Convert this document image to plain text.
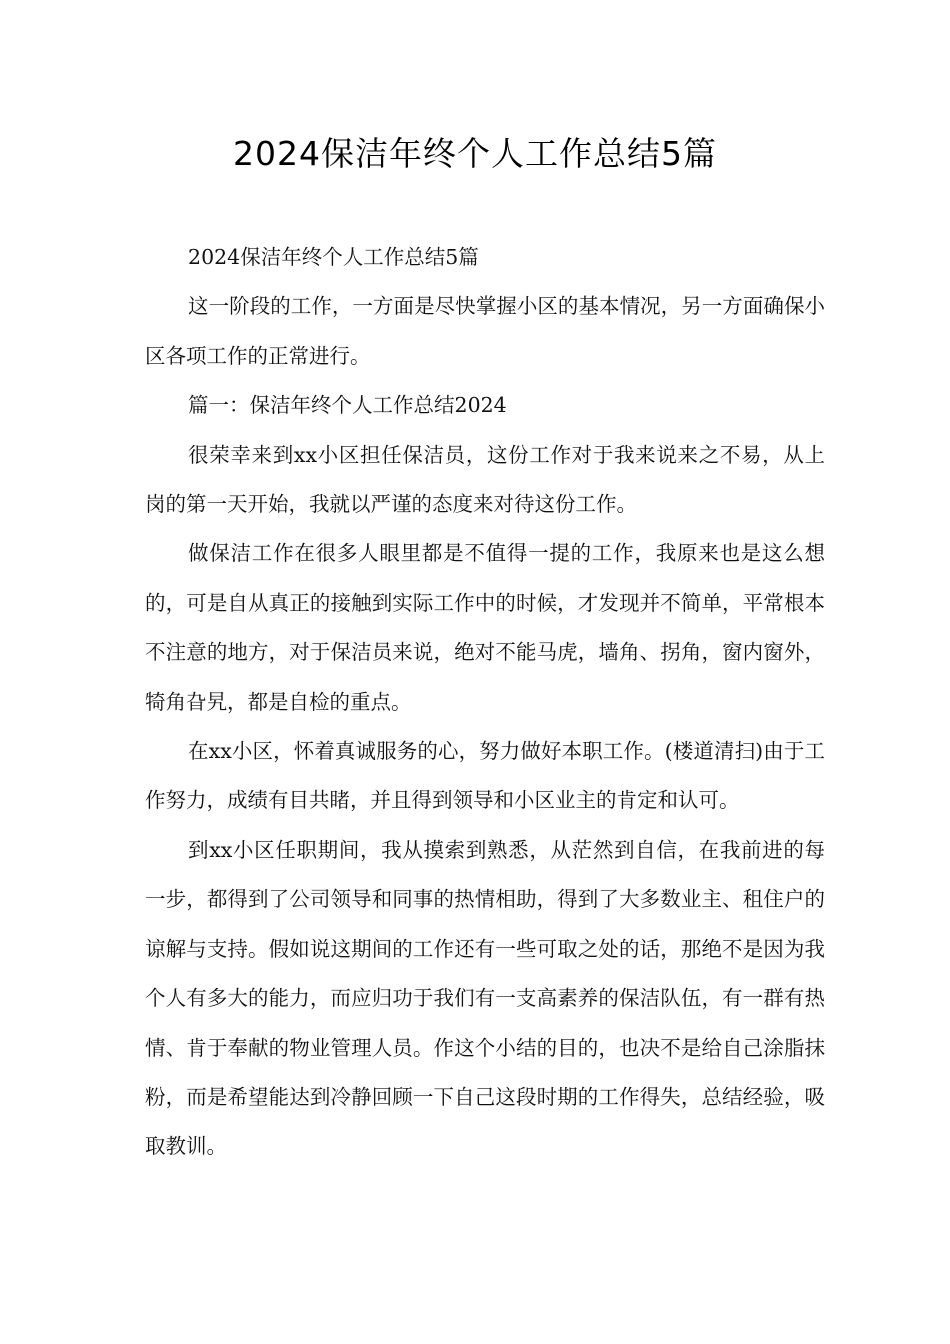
2024保洁年终个人工作总结5篇

2024保洁年终个人工作总结5篇

这一阶段的工作，一方面是尽快掌握小区的基本情况，另一方面确保小区各项工作的正常进行。

篇一：保洁年终个人工作总结2024

很荣幸来到xx小区担任保洁员，这份工作对于我来说来之不易，从上岗的第一天开始，我就以严谨的态度来对待这份工作。

做保洁工作在很多人眼里都是不值得一提的工作，我原来也是这么想的，可是自从真正的接触到实际工作中的时候，才发现并不简单，平常根本不注意的地方，对于保洁员来说，绝对不能马虎，墙角、拐角，窗内窗外，犄角旮旯，都是自检的重点。

在xx小区，怀着真诚服务的心，努力做好本职工作。(楼道清扫)由于工作努力，成绩有目共睹，并且得到领导和小区业主的肯定和认可。

到xx小区任职期间，我从摸索到熟悉，从茫然到自信，在我前进的每一步，都得到了公司领导和同事的热情相助，得到了大多数业主、租住户的谅解与支持。假如说这期间的工作还有一些可取之处的话，那绝不是因为我个人有多大的能力，而应归功于我们有一支高素养的保洁队伍，有一群有热情、肯于奉献的物业管理人员。作这个小结的目的，也决不是给自己涂脂抹粉，而是希望能达到冷静回顾一下自己这段时期的工作得失，总结经验，吸取教训。
